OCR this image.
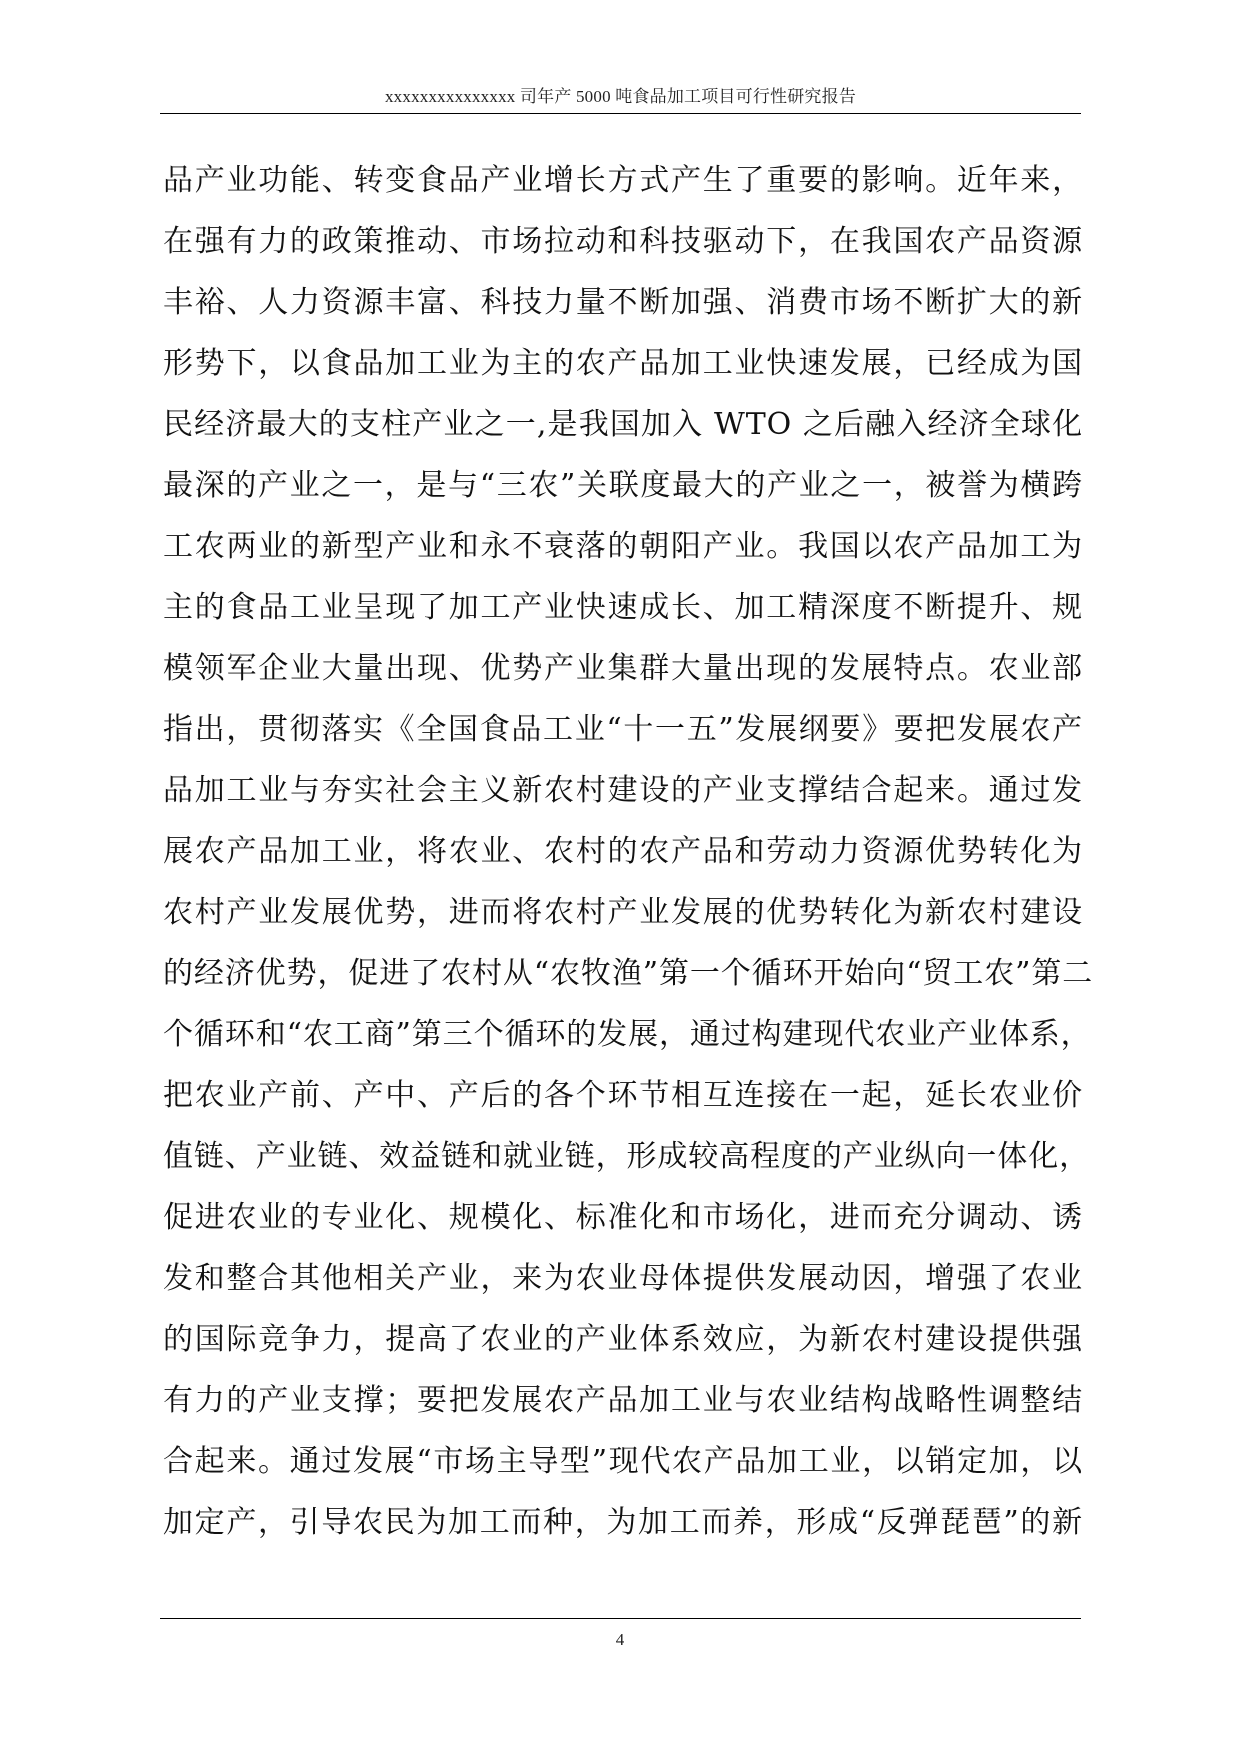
xxxxxxxxxxxxxxx 司年产 5000 吨食品加工项目可行性研究报告
品产业功能、转变食品产业增长方式产生了重要的影响。近年来，
在强有力的政策推动、市场拉动和科技驱动下，在我国农产品资源
丰裕、人力资源丰富、科技力量不断加强、消费市场不断扩大的新
形势下，以食品加工业为主的农产品加工业快速发展，已经成为国
民经济最大的支柱产业之一,是我国加入 WTO 之后融入经济全球化
最深的产业之一，是与“三农”关联度最大的产业之一，被誉为横跨
工农两业的新型产业和永不衰落的朝阳产业。我国以农产品加工为
主的食品工业呈现了加工产业快速成长、加工精深度不断提升、规
模领军企业大量出现、优势产业集群大量出现的发展特点。农业部
指出，贯彻落实《全国食品工业“十一五”发展纲要》要把发展农产
品加工业与夯实社会主义新农村建设的产业支撑结合起来。通过发
展农产品加工业，将农业、农村的农产品和劳动力资源优势转化为
农村产业发展优势，进而将农村产业发展的优势转化为新农村建设
的经济优势，促进了农村从“农牧渔”第一个循环开始向“贸工农”第二
个循环和“农工商”第三个循环的发展，通过构建现代农业产业体系，
把农业产前、产中、产后的各个环节相互连接在一起，延长农业价
值链、产业链、效益链和就业链，形成较高程度的产业纵向一体化，
促进农业的专业化、规模化、标准化和市场化，进而充分调动、诱
发和整合其他相关产业，来为农业母体提供发展动因，增强了农业
的国际竞争力，提高了农业的产业体系效应，为新农村建设提供强
有力的产业支撑；要把发展农产品加工业与农业结构战略性调整结
合起来。通过发展“市场主导型”现代农产品加工业，以销定加，以
加定产，引导农民为加工而种，为加工而养，形成“反弹琵琶”的新
4
